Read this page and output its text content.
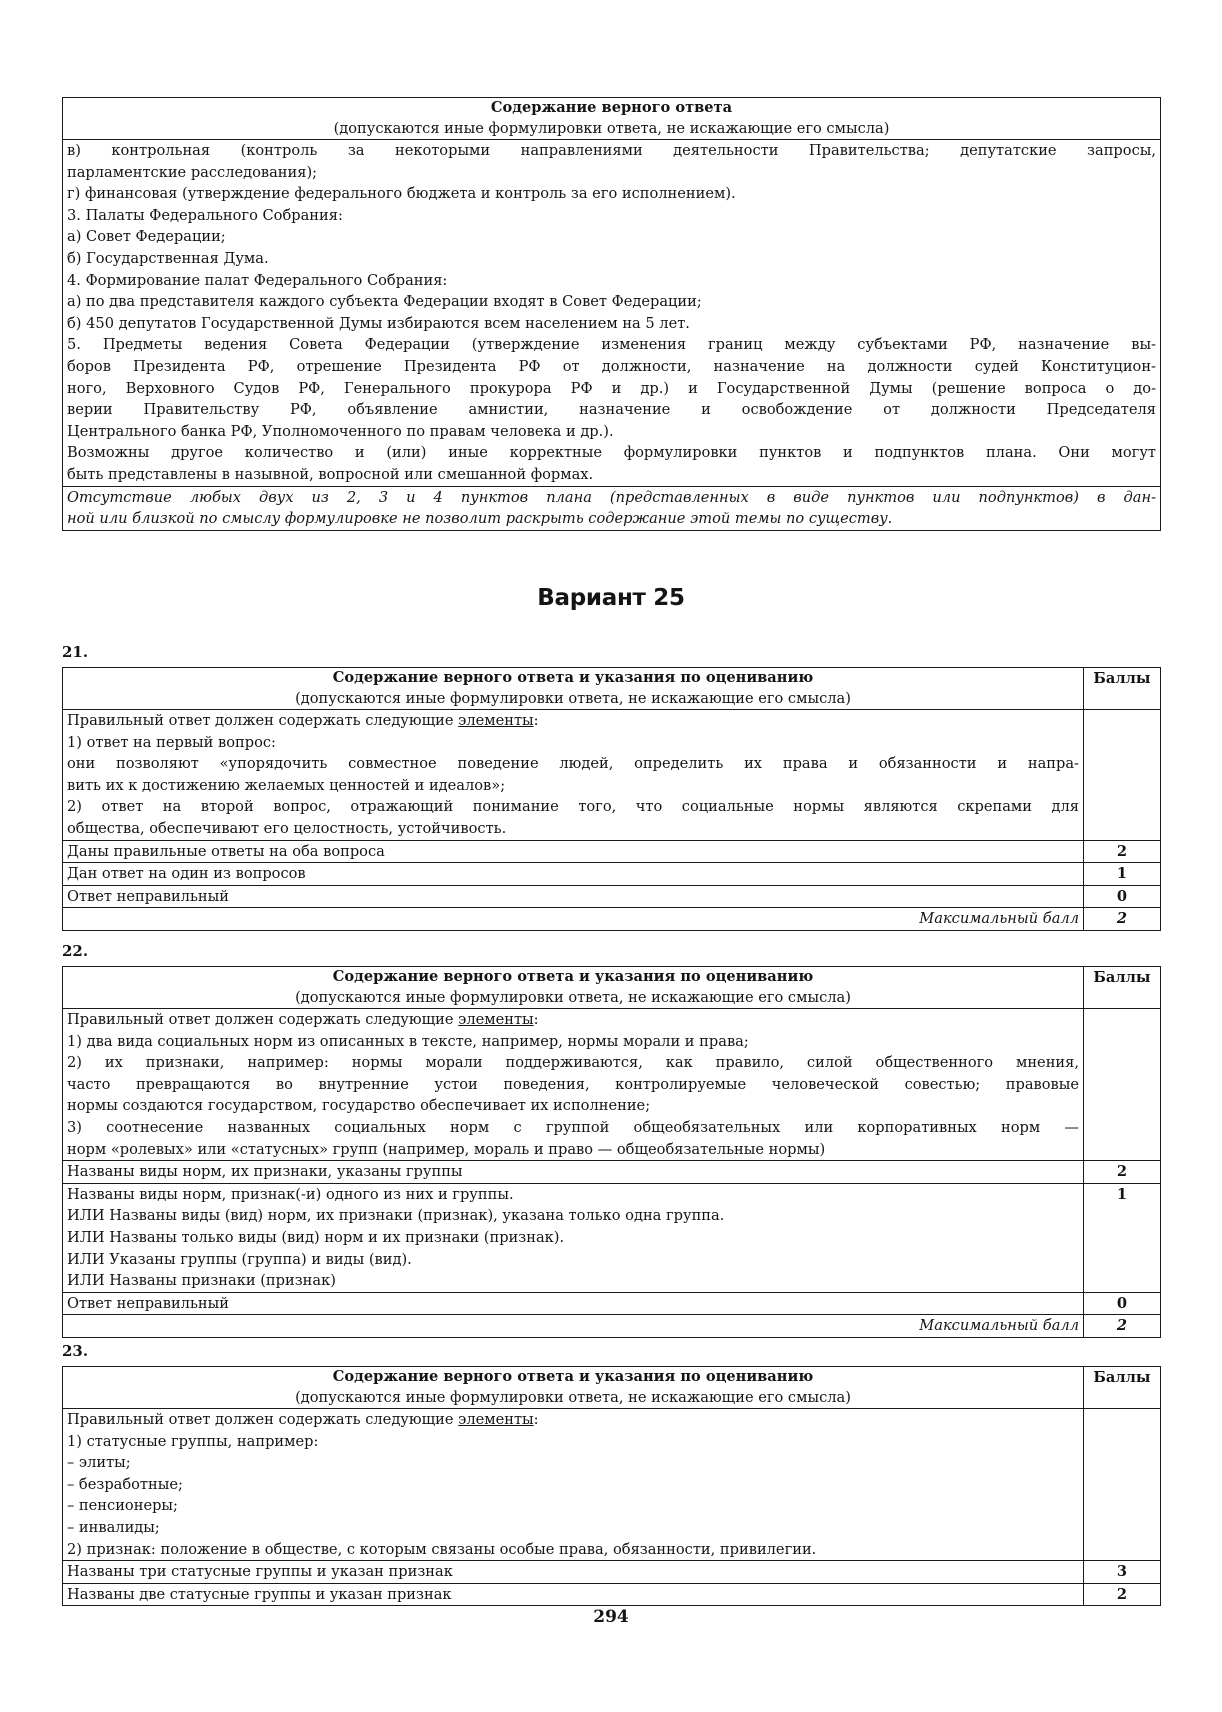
Содержание верного ответа
(допускаются иные формулировки ответа, не искажающие его смысла)

в) контрольная (контроль за некоторыми направлениями деятельности Правительства; депутатские запросы,
парламентские расследования);
г) финансовая (утверждение федерального бюджета и контроль за его исполнением).
3. Палаты Федерального Собрания:
а) Совет Федерации;
б) Государственная Дума.
4. Формирование палат Федерального Собрания:
а) по два представителя каждого субъекта Федерации входят в Совет Федерации;
б) 450 депутатов Государственной Думы избираются всем населением на 5 лет.
5. Предметы ведения Совета Федерации (утверждение изменения границ между субъектами РФ, назначение вы-
боров Президента РФ, отрешение Президента РФ от должности, назначение на должности судей Конституцион-
ного, Верховного Судов РФ, Генерального прокурора РФ и др.) и Государственной Думы (решение вопроса о до-
верии Правительству РФ, объявление амнистии, назначение и освобождение от должности Председателя
Центрального банка РФ, Уполномоченного по правам человека и др.).
Возможны другое количество и (или) иные корректные формулировки пунктов и подпунктов плана. Они могут
быть представлены в назывной, вопросной или смешанной формах.

Отсутствие любых двух из 2, 3 и 4 пунктов плана (представленных в виде пунктов или подпунктов) в дан-
ной или близкой по смыслу формулировке не позволит раскрыть содержание этой темы по существу.
Вариант 25
21.
Содержание верного ответа и указания по оцениванию
(допускаются иные формулировки ответа, не искажающие его смысла)	Баллы

Правильный ответ должен содержать следующие элементы:
1) ответ на первый вопрос:
они позволяют «упорядочить совместное поведение людей, определить их права и обязанности и напра-
вить их к достижению желаемых ценностей и идеалов»;
2) ответ на второй вопрос, отражающий понимание того, что социальные нормы являются скрепами для
общества, обеспечивают его целостность, устойчивость.

Даны правильные ответы на оба вопроса	2
Дан ответ на один из вопросов	1
Ответ неправильный	0
Максимальный балл	2
22.
Содержание верного ответа и указания по оцениванию
(допускаются иные формулировки ответа, не искажающие его смысла)	Баллы

Правильный ответ должен содержать следующие элементы:
1) два вида социальных норм из описанных в тексте, например, нормы морали и права;
2) их признаки, например: нормы морали поддерживаются, как правило, силой общественного мнения,
часто превращаются во внутренние устои поведения, контролируемые человеческой совестью; правовые
нормы создаются государством, государство обеспечивает их исполнение;
3) соотнесение названных социальных норм с группой общеобязательных или корпоративных норм —
норм «ролевых» или «статусных» групп (например, мораль и право — общеобязательные нормы)

Названы виды норм, их признаки, указаны группы	2

Названы виды норм, признак(-и) одного из них и группы.
ИЛИ Названы виды (вид) норм, их признаки (признак), указана только одна группа.
ИЛИ Названы только виды (вид) норм и их признаки (признак).
ИЛИ Указаны группы (группа) и виды (вид).
ИЛИ Названы признаки (признак)	1
Ответ неправильный	0
Максимальный балл	2
23.
Содержание верного ответа и указания по оцениванию
(допускаются иные формулировки ответа, не искажающие его смысла)	Баллы

Правильный ответ должен содержать следующие элементы:
1) статусные группы, например:
– элиты;
– безработные;
– пенсионеры;
– инвалиды;
2) признак: положение в обществе, с которым связаны особые права, обязанности, привилегии.

Названы три статусные группы и указан признак	3
Названы две статусные группы и указан признак	2
294
